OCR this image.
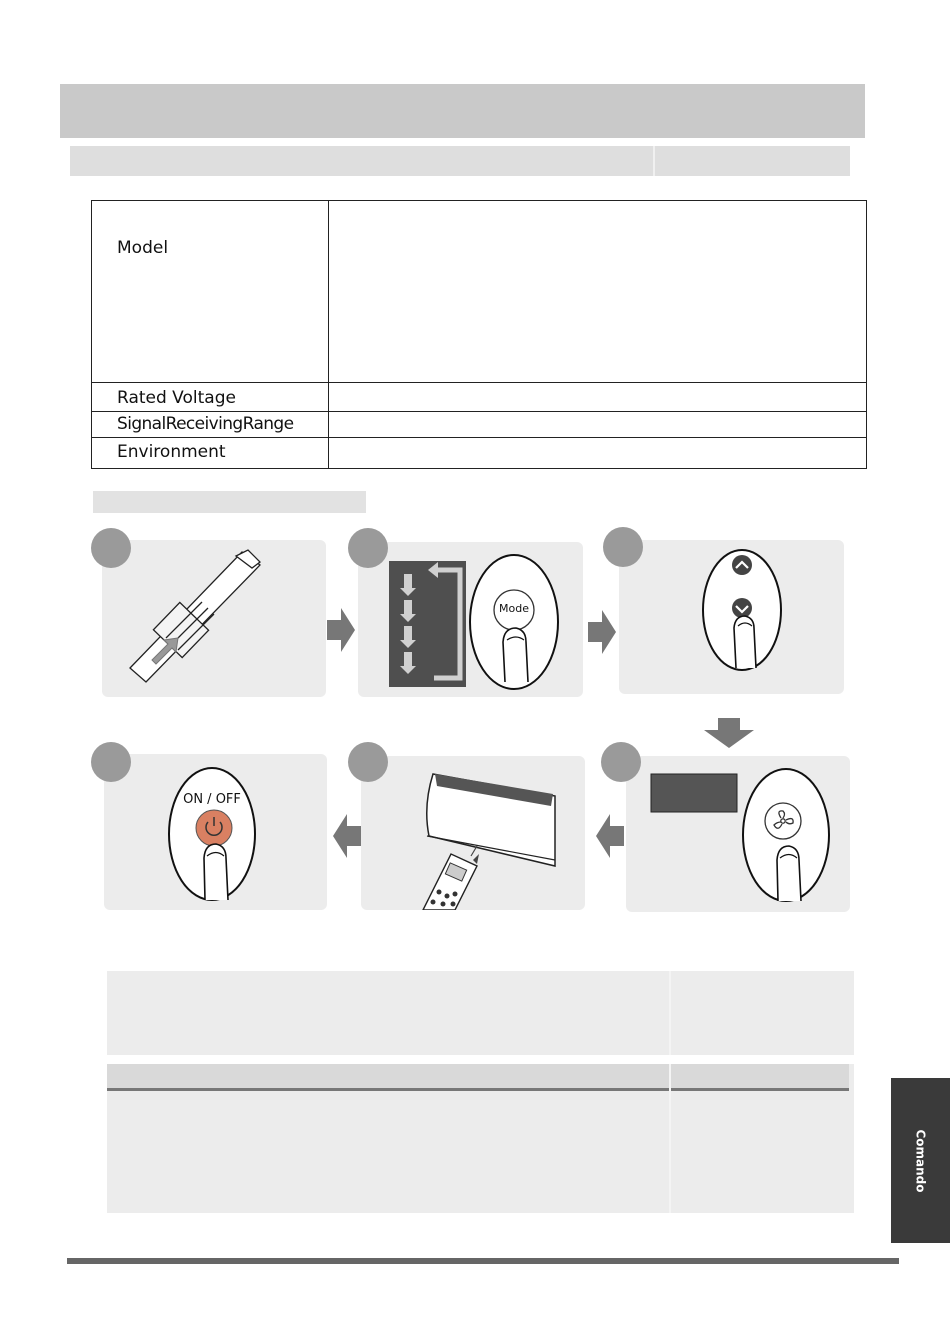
Model	

Rated Voltage	

SignalReceivingRange	

Environment	

Mode
ON / OFF
Comando
